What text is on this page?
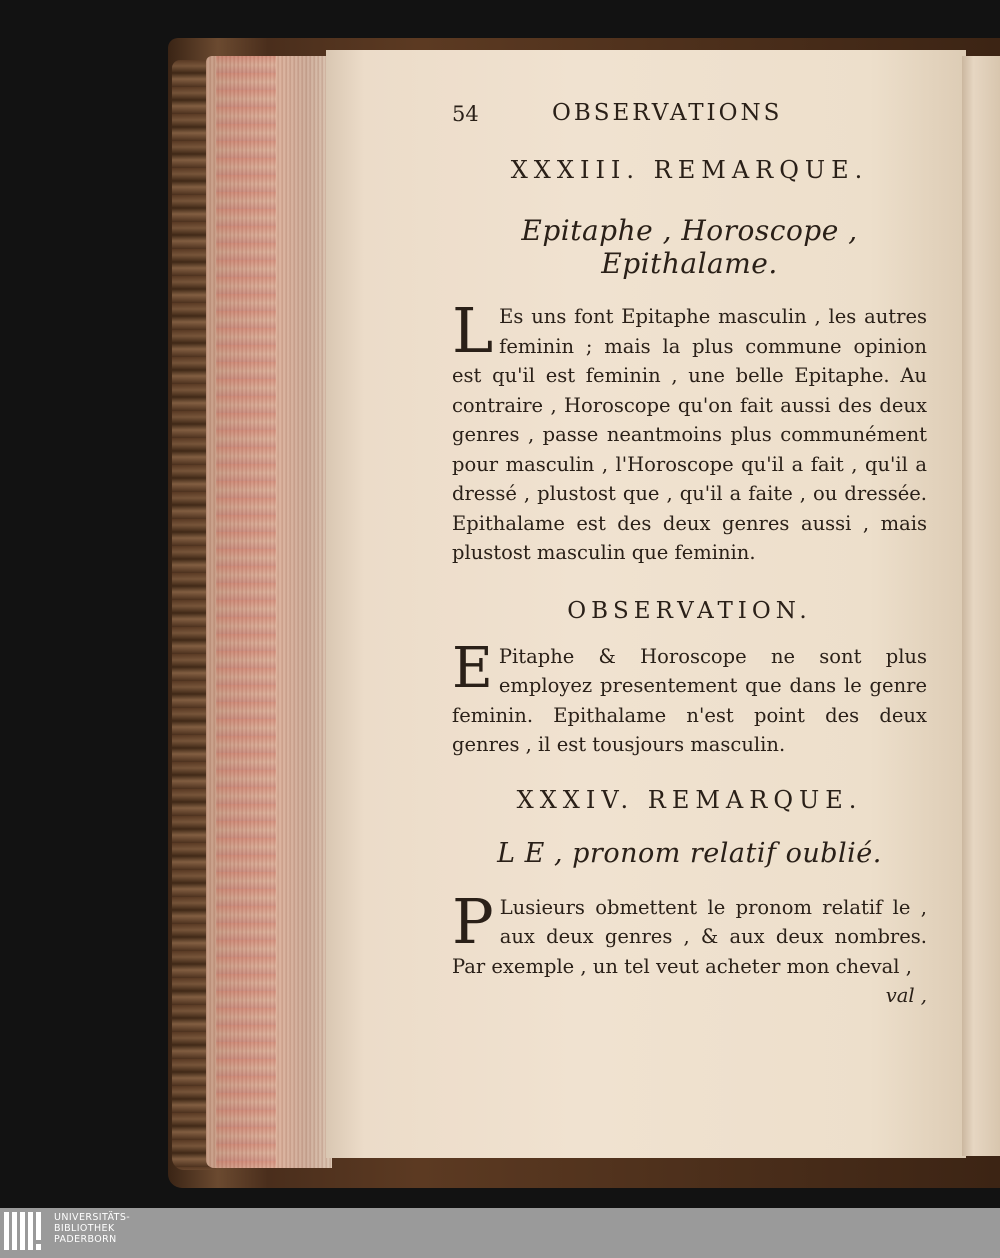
54	OBSERVATIONS
XXXIII. REMARQUE.
Epitaphe , Horoscope , Epithalame.

L Es uns font Epitaphe masculin , les autres feminin ; mais la plus commune opinion est qu'il est feminin , une belle Epitaphe. Au contraire , Horoscope qu'on fait aussi des deux genres , passe neantmoins plus communément pour masculin , l'Horoscope qu'il a fait , qu'il a dressé , plustost que , qu'il a faite , ou dressée. Epithalame est des deux genres aussi , mais plustost masculin que feminin.

OBSERVATION.

E Pitaphe & Horoscope ne sont plus employez presentement que dans le genre feminin. Epithalame n'est point des deux genres , il est tousjours masculin.

XXXIV. REMARQUE.
L E , pronom relatif oublié.

P Lusieurs obmettent le pronom relatif le , aux deux genres , & aux deux nombres. Par exemple , un tel veut acheter mon cheval ,

val ,
UNIVERSITÄTS-
BIBLIOTHEK
PADERBORN
